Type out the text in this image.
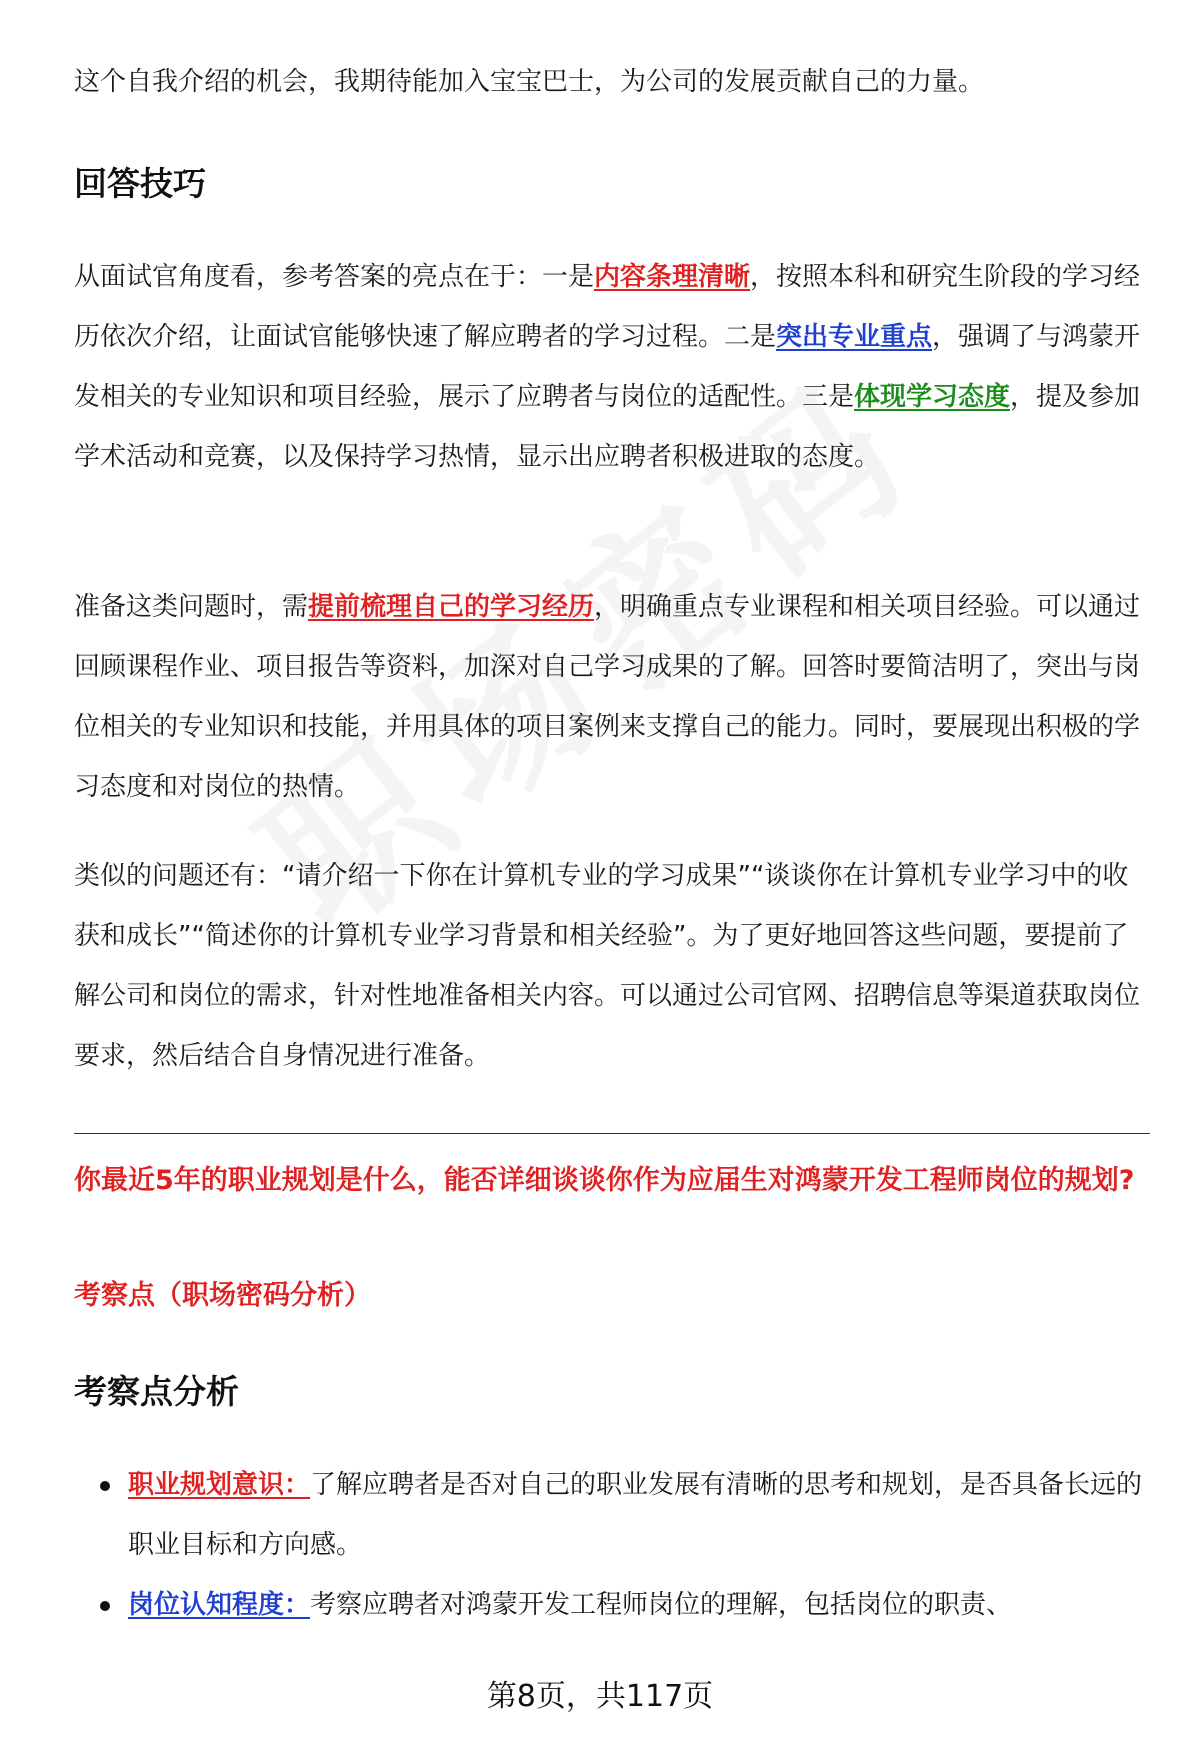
这个自我介绍的机会，我期待能加入宝宝巴士，为公司的发展贡献自己的力量。

回答技巧

从面试官角度看，参考答案的亮点在于：一是内容条理清晰，按照本科和研究生阶段的学习经历依次介绍，让面试官能够快速了解应聘者的学习过程。二是突出专业重点，强调了与鸿蒙开发相关的专业知识和项目经验，展示了应聘者与岗位的适配性。三是体现学习态度，提及参加学术活动和竞赛，以及保持学习热情，显示出应聘者积极进取的态度。

准备这类问题时，需提前梳理自己的学习经历，明确重点专业课程和相关项目经验。可以通过回顾课程作业、项目报告等资料，加深对自己学习成果的了解。回答时要简洁明了，突出与岗位相关的专业知识和技能，并用具体的项目案例来支撑自己的能力。同时，要展现出积极的学习态度和对岗位的热情。

类似的问题还有：“请介绍一下你在计算机专业的学习成果”“谈谈你在计算机专业学习中的收获和成长”“简述你的计算机专业学习背景和相关经验”。为了更好地回答这些问题，要提前了解公司和岗位的需求，针对性地准备相关内容。可以通过公司官网、招聘信息等渠道获取岗位要求，然后结合自身情况进行准备。

你最近5年的职业规划是什么，能否详细谈谈你作为应届生对鸿蒙开发工程师岗位的规划?

考察点（职场密码分析）

考察点分析
职业规划意识：了解应聘者是否对自己的职业发展有清晰的思考和规划，是否具备长远的职业目标和方向感。
岗位认知程度：考察应聘者对鸿蒙开发工程师岗位的理解，包括岗位的职责、
第8页，共117页
